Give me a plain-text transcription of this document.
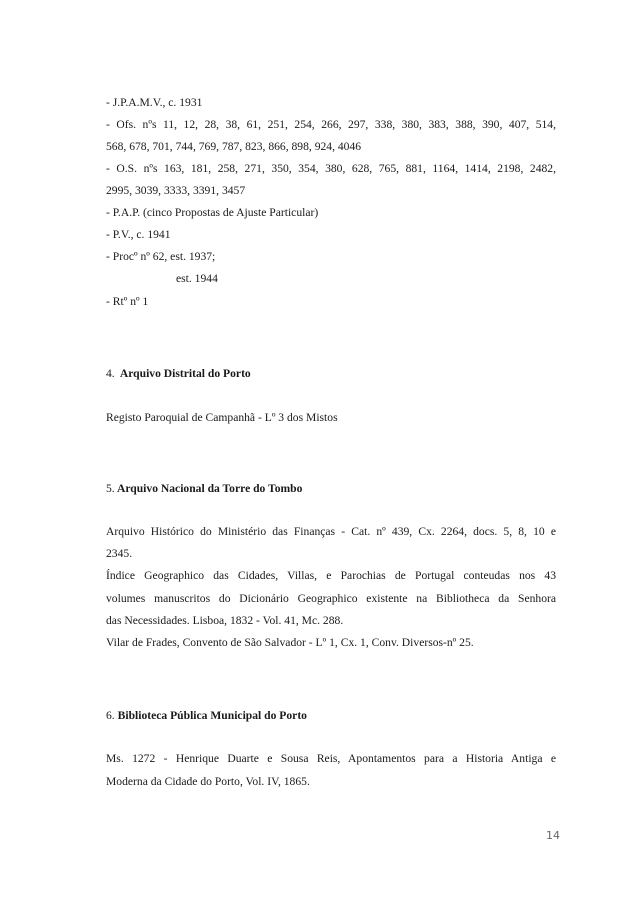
- J.P.A.M.V., c. 1931
- Ofs. nºs 11, 12, 28, 38, 61, 251, 254, 266, 297, 338, 380, 383, 388, 390, 407, 514,
568, 678, 701, 744, 769, 787, 823, 866, 898, 924, 4046
- O.S. nºs 163, 181, 258, 271, 350, 354, 380, 628, 765, 881, 1164, 1414, 2198, 2482,
2995, 3039, 3333, 3391, 3457
- P.A.P. (cinco Propostas de Ajuste Particular)
- P.V., c. 1941
- Procº nº 62, est. 1937;
est. 1944
- Rtº nº 1
4. Arquivo Distrital do Porto
Registo Paroquial de Campanhã - Lº 3 dos Mistos
5. Arquivo Nacional da Torre do Tombo
Arquivo Histórico do Ministério das Finanças - Cat. nº 439, Cx. 2264, docs. 5, 8, 10 e
2345.
Índice Geographico das Cidades, Villas, e Parochias de Portugal conteudas nos 43
volumes manuscritos do Dicionário Geographico existente na Bibliotheca da Senhora
das Necessidades. Lisboa, 1832 - Vol. 41, Mc. 288.
Vilar de Frades, Convento de São Salvador - Lº 1, Cx. 1, Conv. Diversos-nº 25.
6. Biblioteca Pública Municipal do Porto
Ms. 1272 - Henrique Duarte e Sousa Reis, Apontamentos para a Historia Antiga e
Moderna da Cidade do Porto, Vol. IV, 1865.
14
